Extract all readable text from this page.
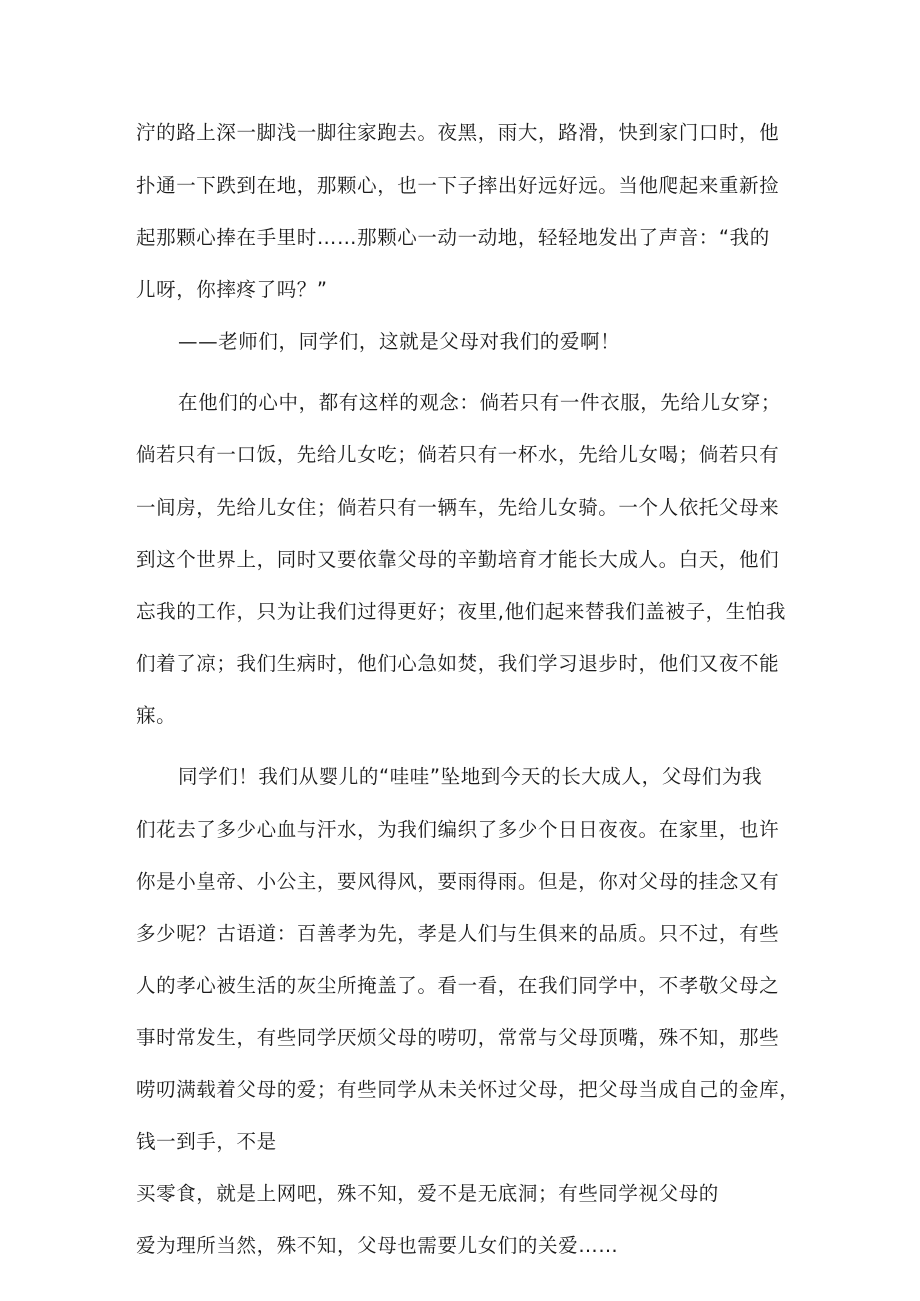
泞的路上深一脚浅一脚往家跑去。夜黑，雨大，路滑，快到家门口时，他
扑通一下跌到在地，那颗心，也一下子摔出好远好远。当他爬起来重新捡
起那颗心捧在手里时……那颗心一动一动地，轻轻地发出了声音：“我的
儿呀，你摔疼了吗？”
——老师们，同学们，这就是父母对我们的爱啊！
在他们的心中，都有这样的观念：倘若只有一件衣服，先给儿女穿；
倘若只有一口饭，先给儿女吃；倘若只有一杯水，先给儿女喝；倘若只有
一间房，先给儿女住；倘若只有一辆车，先给儿女骑。一个人依托父母来
到这个世界上，同时又要依靠父母的辛勤培育才能长大成人。白天，他们
忘我的工作，只为让我们过得更好；夜里,他们起来替我们盖被子，生怕我
们着了凉；我们生病时，他们心急如焚，我们学习退步时，他们又夜不能
寐。
同学们！我们从婴儿的“哇哇”坠地到今天的长大成人，父母们为我
们花去了多少心血与汗水，为我们编织了多少个日日夜夜。在家里，也许
你是小皇帝、小公主，要风得风，要雨得雨。但是，你对父母的挂念又有
多少呢？古语道：百善孝为先，孝是人们与生俱来的品质。只不过，有些
人的孝心被生活的灰尘所掩盖了。看一看，在我们同学中，不孝敬父母之
事时常发生，有些同学厌烦父母的唠叨，常常与父母顶嘴，殊不知，那些
唠叨满载着父母的爱；有些同学从未关怀过父母，把父母当成自己的金库，
钱一到手，不是
买零食，就是上网吧，殊不知，爱不是无底洞；有些同学视父母的
爱为理所当然，殊不知，父母也需要儿女们的关爱……
